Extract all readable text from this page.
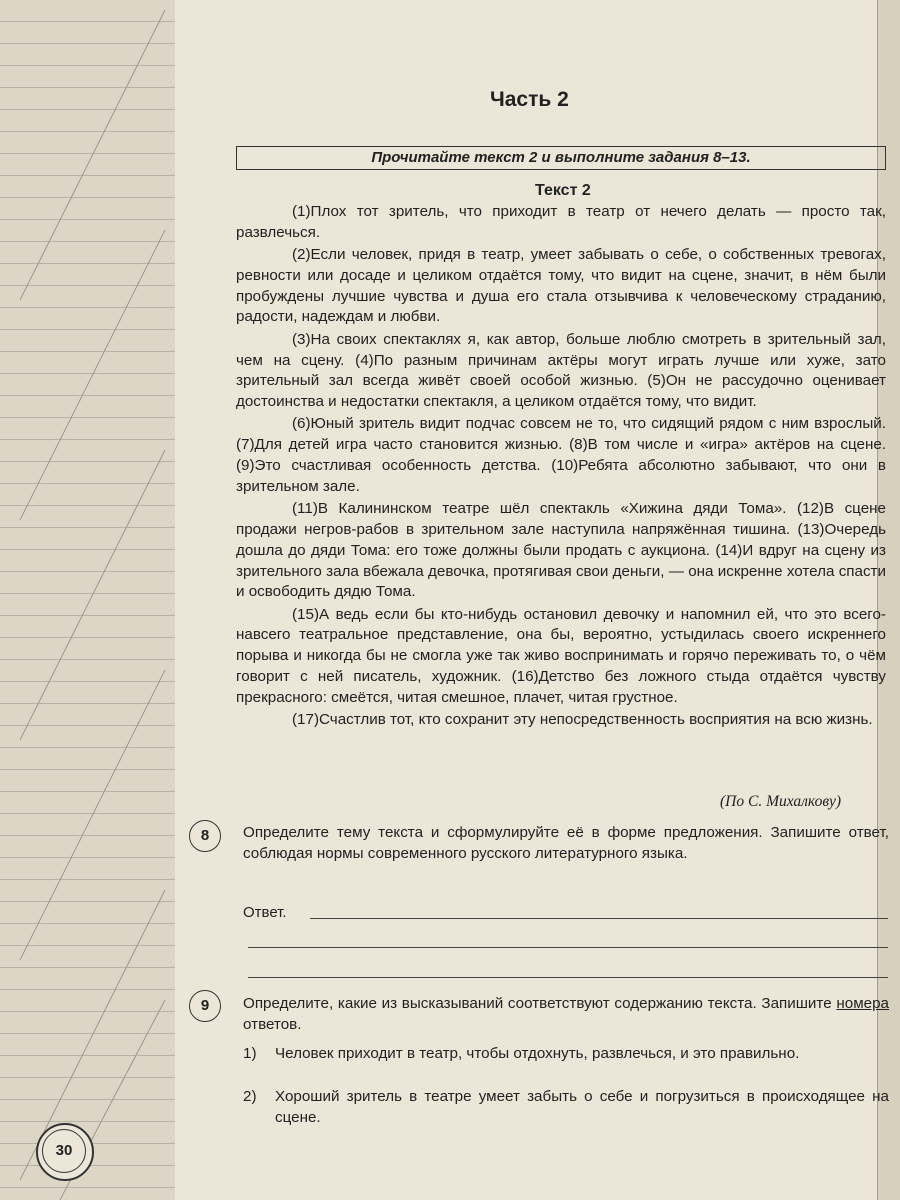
Часть 2
Прочитайте текст 2 и выполните задания 8–13.
Текст 2

(1)Плох тот зритель, что приходит в театр от нечего делать — просто так, развлечься.

(2)Если человек, придя в театр, умеет забывать о себе, о собственных тревогах, ревности или досаде и целиком отдаётся тому, что видит на сцене, значит, в нём были пробуждены лучшие чувства и душа его стала отзывчива к человеческому страданию, радости, надеждам и любви.

(3)На своих спектаклях я, как автор, больше люблю смотреть в зрительный зал, чем на сцену. (4)По разным причинам актёры могут играть лучше или хуже, зато зрительный зал всегда живёт своей особой жизнью. (5)Он не рассудочно оценивает достоинства и недостатки спектакля, а целиком отдаётся тому, что видит.

(6)Юный зритель видит подчас совсем не то, что сидящий рядом с ним взрослый. (7)Для детей игра часто становится жизнью. (8)В том числе и «игра» актёров на сцене. (9)Это счастливая особенность детства. (10)Ребята абсолютно забывают, что они в зрительном зале.

(11)В Калининском театре шёл спектакль «Хижина дяди Тома». (12)В сцене продажи негров-рабов в зрительном зале наступила напряжённая тишина. (13)Очередь дошла до дяди Тома: его тоже должны были продать с аукциона. (14)И вдруг на сцену из зрительного зала вбежала девочка, протягивая свои деньги, — она искренне хотела спасти и освободить дядю Тома.

(15)А ведь если бы кто-нибудь остановил девочку и напомнил ей, что это всего-навсего театральное представление, она бы, вероятно, устыдилась своего искреннего порыва и никогда бы не смогла уже так живо воспринимать и горячо переживать то, о чём говорит с ней писатель, художник. (16)Детство без ложного стыда отдаётся чувству прекрасного: смеётся, читая смешное, плачет, читая грустное.

(17)Счастлив тот, кто сохранит эту непосредственность восприятия на всю жизнь.

(По С. Михалкову)
8	Определите тему текста и сформулируйте её в форме предложения. Запишите ответ, соблюдая нормы современного русского литературного языка.
Ответ.
9	Определите, какие из высказываний соответствуют содержанию текста. Запишите номера ответов.
1) Человек приходит в театр, чтобы отдохнуть, развлечься, и это правильно.
2) Хороший зритель в театре умеет забыть о себе и погрузиться в происходящее на сцене.
30
